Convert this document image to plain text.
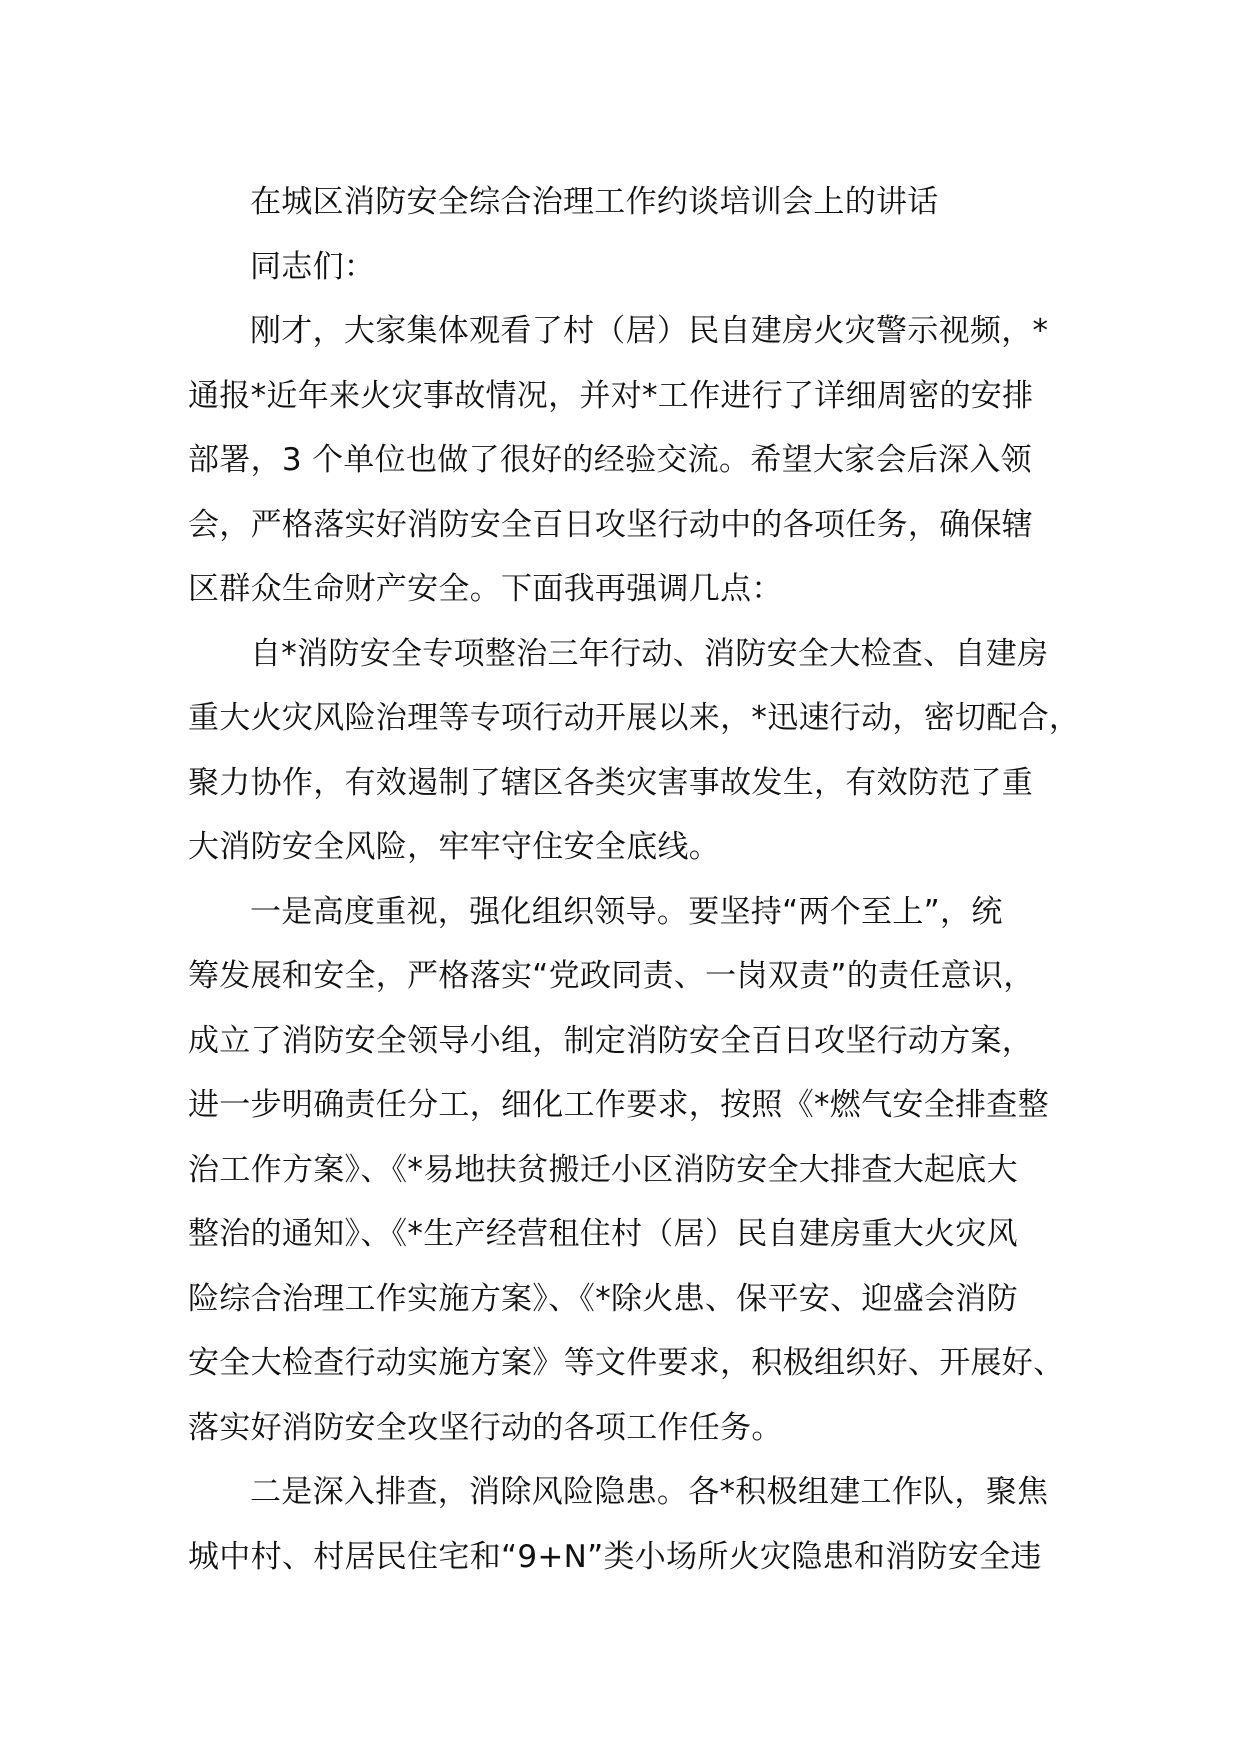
在城区消防安全综合治理工作约谈培训会上的讲话
同志们：
刚才，大家集体观看了村（居）民自建房火灾警示视频，*
通报*近年来火灾事故情况，并对*工作进行了详细周密的安排
部署，3 个单位也做了很好的经验交流。希望大家会后深入领
会，严格落实好消防安全百日攻坚行动中的各项任务，确保辖
区群众生命财产安全。下面我再强调几点：
自*消防安全专项整治三年行动、消防安全大检查、自建房
重大火灾风险治理等专项行动开展以来，*迅速行动，密切配合，
聚力协作，有效遏制了辖区各类灾害事故发生，有效防范了重
大消防安全风险，牢牢守住安全底线。
一是高度重视，强化组织领导。要坚持“两个至上”，统
筹发展和安全，严格落实“党政同责、一岗双责”的责任意识，
成立了消防安全领导小组，制定消防安全百日攻坚行动方案，
进一步明确责任分工，细化工作要求，按照《*燃气安全排查整
治工作方案》、《*易地扶贫搬迁小区消防安全大排查大起底大
整治的通知》、《*生产经营租住村（居）民自建房重大火灾风
险综合治理工作实施方案》、《*除火患、保平安、迎盛会消防
安全大检查行动实施方案》等文件要求，积极组织好、开展好、
落实好消防安全攻坚行动的各项工作任务。
二是深入排查，消除风险隐患。各*积极组建工作队，聚焦
城中村、村居民住宅和“9+N”类小场所火灾隐患和消防安全违
